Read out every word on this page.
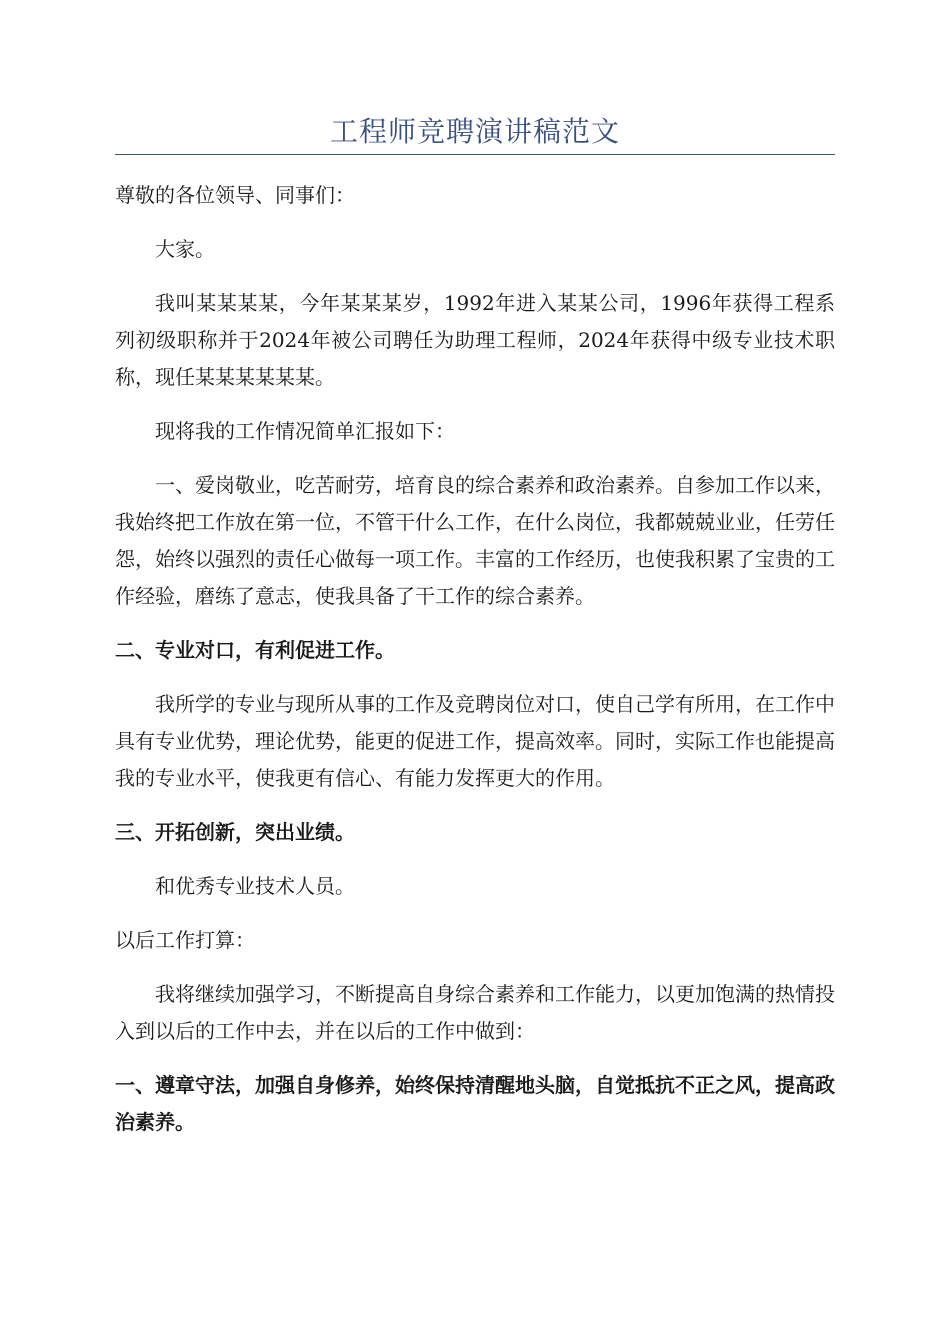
工程师竞聘演讲稿范文

尊敬的各位领导、同事们：

大家。

我叫某某某某，今年某某某岁，1992年进入某某公司，1996年获得工程系列初级职称并于2024年被公司聘任为助理工程师，2024年获得中级专业技术职称，现任某某某某某某。

现将我的工作情况简单汇报如下：

一、爱岗敬业，吃苦耐劳，培育良的综合素养和政治素养。自参加工作以来，我始终把工作放在第一位，不管干什么工作，在什么岗位，我都兢兢业业，任劳任怨，始终以强烈的责任心做每一项工作。丰富的工作经历，也使我积累了宝贵的工作经验，磨练了意志，使我具备了干工作的综合素养。

二、专业对口，有利促进工作。

我所学的专业与现所从事的工作及竞聘岗位对口，使自己学有所用，在工作中具有专业优势，理论优势，能更的促进工作，提高效率。同时，实际工作也能提高我的专业水平，使我更有信心、有能力发挥更大的作用。

三、开拓创新，突出业绩。

和优秀专业技术人员。

以后工作打算：

我将继续加强学习，不断提高自身综合素养和工作能力，以更加饱满的热情投入到以后的工作中去，并在以后的工作中做到：

一、遵章守法，加强自身修养，始终保持清醒地头脑，自觉抵抗不正之风，提高政治素养。
